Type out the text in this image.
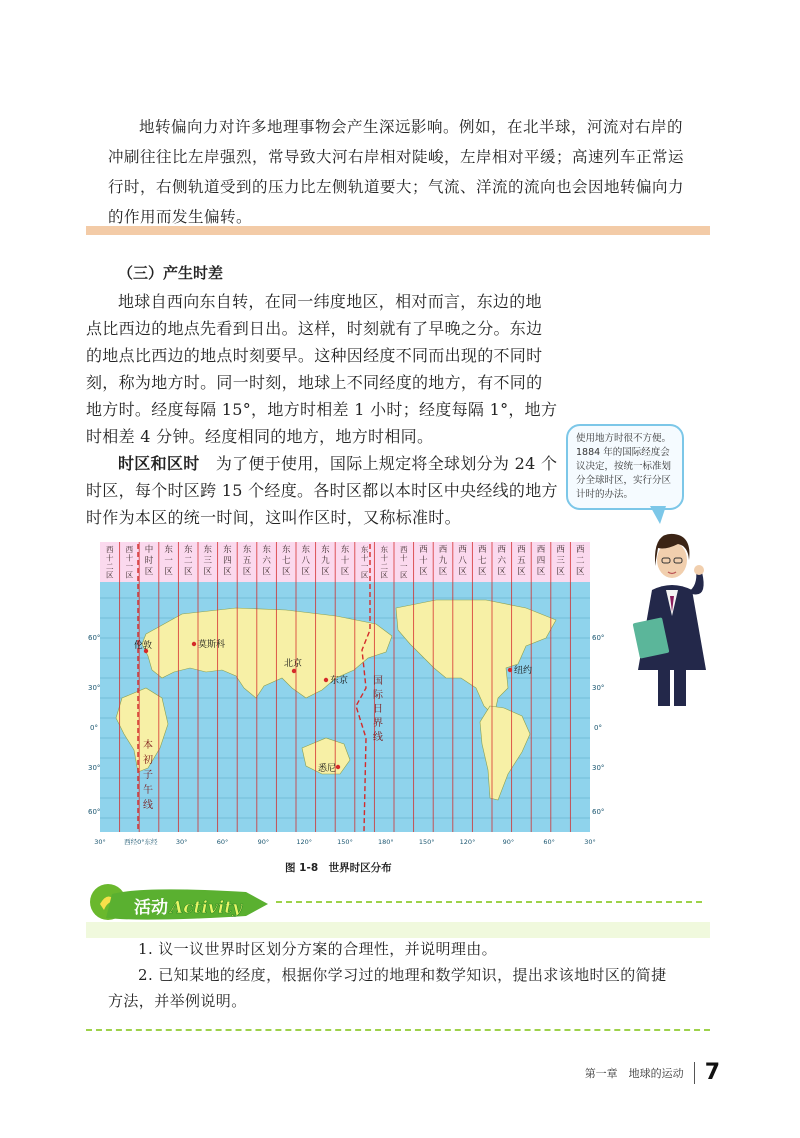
地转偏向力对许多地理事物会产生深远影响。例如，在北半球，河流对右岸的
冲刷往往比左岸强烈，常导致大河右岸相对陡峻，左岸相对平缓；高速列车正常运
行时，右侧轨道受到的压力比左侧轨道要大；气流、洋流的流向也会因地转偏向力
的作用而发生偏转。
（三）产生时差

地球自西向东自转，在同一纬度地区，相对而言，东边的地点比西边的地点先看到日出。这样，时刻就有了早晚之分。东边的地点比西边的地点时刻要早。这种因经度不同而出现的不同时刻，称为地方时。同一时刻，地球上不同经度的地方，有不同的地方时。经度每隔 15°，地方时相差 1 小时；经度每隔 1°，地方时相差 4 分钟。经度相同的地方，地方时相同。

时区和区时　为了便于使用，国际上规定将全球划分为 24 个时区，每个时区跨 15 个经度。各时区都以本时区中央经线的地方时作为本区的统一时间，这叫作区时，又称标准时。

使用地方时很不方便。1884 年的国际经度会议决定，按统一标准划分全球时区，实行分区计时的办法。
西
十
二
区
西
十
一
区
中
时
区
东
一
区
东
二
区
东
三
区
东
四
区
东
五
区
东
六
区
东
七
区
东
八
区
东
九
区
东
十
区
东
十
一
区
东
十
二
区
西
十
一
区
西
十
区
西
九
区
西
八
区
西
七
区
西
六
区
西
五
区
西
四
区
西
三
区
西
二
区
伦敦	莫斯科
北京
东京
悉尼
纽约
本
初
子
午
线
国
际
日
界
线
60°
30°
0°
30°
60°
60°
30°
0°
30°
60°
30°	西经0°东经	30°	60°	90°	120°	150°	180°	150°	120°	90°	60°	30°
图 1-8　世界时区分布
活动 Activity

1. 议一议世界时区划分方案的合理性，并说明理由。

2. 已知某地的经度，根据你学习过的地理和数学知识，提出求该地时区的简捷

方法，并举例说明。

第一章　地球的运动 7
